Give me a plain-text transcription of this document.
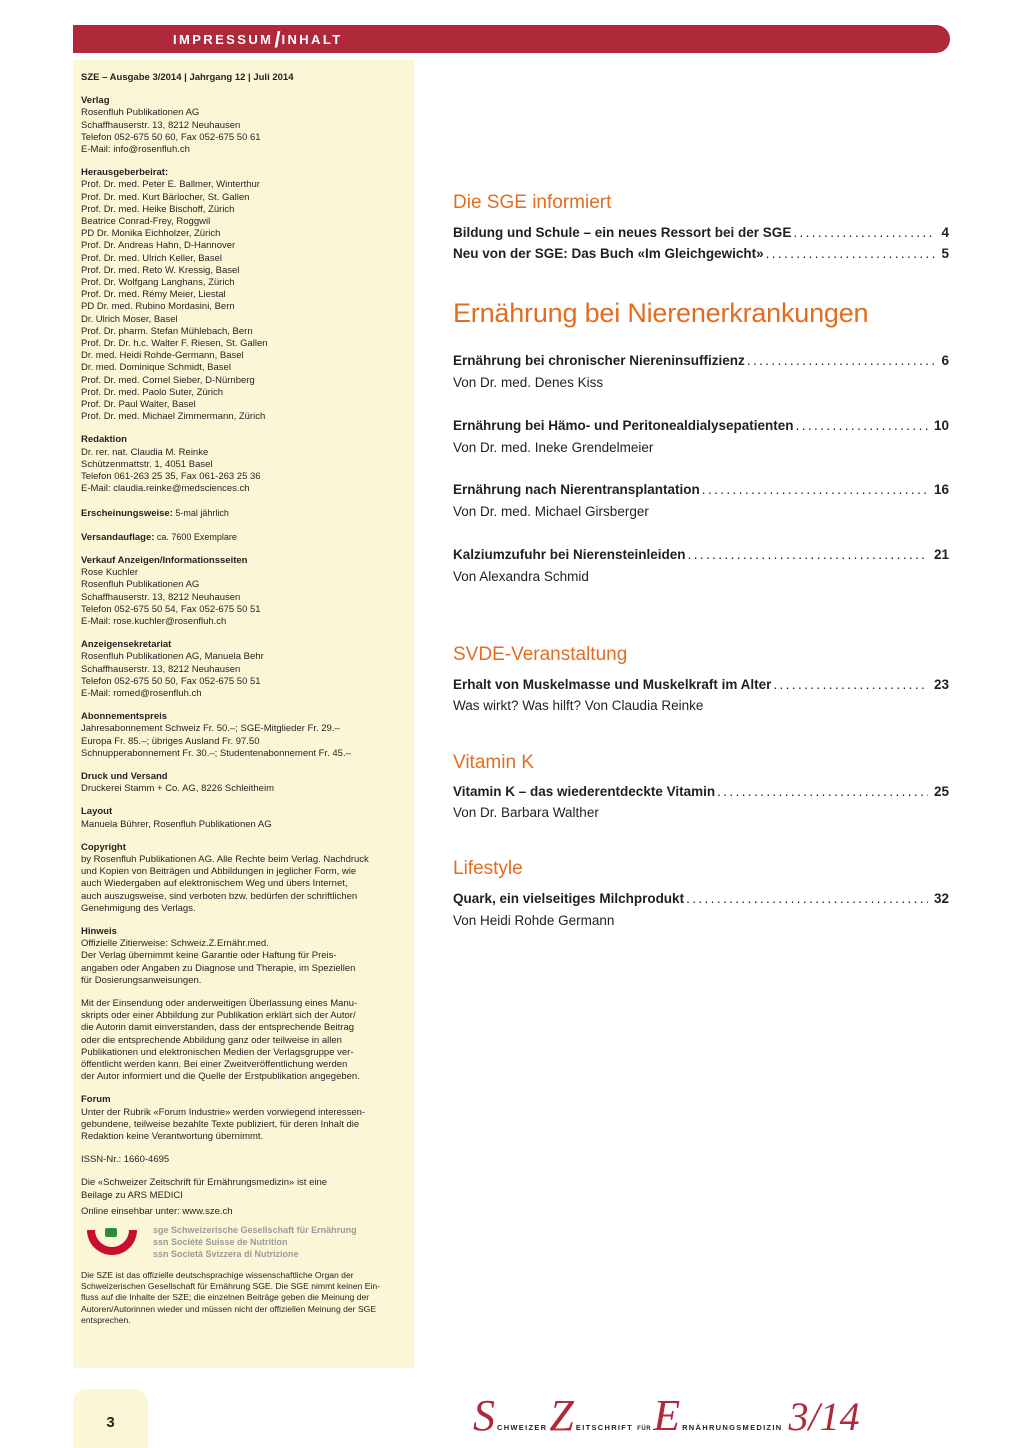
IMPRESSUM/INHALT
SZE – Ausgabe 3/2014 | Jahrgang 12 | Juli 2014
Verlag
Rosenfluh Publikationen AG
Schaffhauserstr. 13, 8212 Neuhausen
Telefon 052-675 50 60, Fax 052-675 50 61
E-Mail: info@rosenfluh.ch
Herausgeberbeirat:
Prof. Dr. med. Peter E. Ballmer, Winterthur
Prof. Dr. med. Kurt Bärlocher, St. Gallen
Prof. Dr. med. Heike Bischoff, Zürich
Beatrice Conrad-Frey, Roggwil
PD Dr. Monika Eichholzer, Zürich
Prof. Dr. Andreas Hahn, D-Hannover
Prof. Dr. med. Ulrich Keller, Basel
Prof. Dr. med. Reto W. Kressig, Basel
Prof. Dr. Wolfgang Langhans, Zürich
Prof. Dr. med. Rémy Meier, Liestal
PD Dr. med. Rubino Mordasini, Bern
Dr. Ulrich Moser, Basel
Prof. Dr. pharm. Stefan Mühlebach, Bern
Prof. Dr. Dr. h.c. Walter F. Riesen, St. Gallen
Dr. med. Heidi Rohde-Germann, Basel
Dr. med. Dominique Schmidt, Basel
Prof. Dr. med. Cornel Sieber, D-Nürnberg
Prof. Dr. med. Paolo Suter, Zürich
Prof. Dr. Paul Walter, Basel
Prof. Dr. med. Michael Zimmermann, Zürich
Redaktion
Dr. rer. nat. Claudia M. Reinke
Schützenmattstr. 1, 4051 Basel
Telefon 061-263 25 35, Fax 061-263 25 36
E-Mail: claudia.reinke@medsciences.ch
Erscheinungsweise: 5-mal jährlich
Versandauflage: ca. 7600 Exemplare
Verkauf Anzeigen/Informationsseiten
Rose Kuchler
Rosenfluh Publikationen AG
Schaffhauserstr. 13, 8212 Neuhausen
Telefon 052-675 50 54, Fax 052-675 50 51
E-Mail: rose.kuchler@rosenfluh.ch
Anzeigensekretariat
Rosenfluh Publikationen AG, Manuela Behr
Schaffhauserstr. 13, 8212 Neuhausen
Telefon 052-675 50 50, Fax 052-675 50 51
E-Mail: romed@rosenfluh.ch
Abonnementspreis
Jahresabonnement Schweiz Fr. 50.–; SGE-Mitglieder Fr. 29.–
Europa Fr. 85.–; übriges Ausland Fr. 97.50
Schnupperabonnement Fr. 30.–; Studentenabonnement Fr. 45.–
Druck und Versand
Druckerei Stamm + Co. AG, 8226 Schleitheim
Layout
Manuela Bührer, Rosenfluh Publikationen AG
Copyright
by Rosenfluh Publikationen AG. Alle Rechte beim Verlag. Nachdruck
und Kopien von Beiträgen und Abbildungen in jeglicher Form, wie
auch Wiedergaben auf elektronischem Weg und übers Internet,
auch auszugsweise, sind verboten bzw. bedürfen der schriftlichen
Genehmigung des Verlags.
Hinweis
Offizielle Zitierweise: Schweiz.Z.Ernähr.med.
Der Verlag übernimmt keine Garantie oder Haftung für Preis-
angaben oder Angaben zu Diagnose und Therapie, im Speziellen
für Dosierungsanweisungen.
Mit der Einsendung oder anderweitigen Überlassung eines Manu-
skripts oder einer Abbildung zur Publikation erklärt sich der Autor/
die Autorin damit einverstanden, dass der entsprechende Beitrag
oder die entsprechende Abbildung ganz oder teilweise in allen
Publikationen und elektronischen Medien der Verlagsgruppe ver-
öffentlicht werden kann. Bei einer Zweitveröffentlichung werden
der Autor informiert und die Quelle der Erstpublikation angegeben.
Forum
Unter der Rubrik «Forum Industrie» werden vorwiegend interessen-
gebundene, teilweise bezahlte Texte publiziert, für deren Inhalt die
Redaktion keine Verantwortung übernimmt.
ISSN-Nr.: 1660-4695
Die «Schweizer Zeitschrift für Ernährungsmedizin» ist eine
Beilage zu ARS MEDICI
Online einsehbar unter: www.sze.ch
sge Schweizerische Gesellschaft für Ernährung
ssn Société Suisse de Nutrition
ssn Società Svizzera di Nutrizione
Die SZE ist das offizielle deutschsprachige wissenschaftliche Organ der
Schweizerischen Gesellschaft für Ernährung SGE. Die SGE nimmt keinen Ein-
fluss auf die Inhalte der SZE; die einzelnen Beiträge geben die Meinung der
Autoren/Autorinnen wieder und müssen nicht der offiziellen Meinung der SGE
entsprechen.
Die SGE informiert
Bildung und Schule – ein neues Ressort bei der SGE .....	4
Neu von der SGE: Das Buch «Im Gleichgewicht» .....	5
Ernährung bei Nierenerkrankungen
Ernährung bei chronischer Niereninsuffizienz .....	6
Von Dr. med. Denes Kiss
Ernährung bei Hämo- und Peritonealdialysepatienten .....	10
Von Dr. med. Ineke Grendelmeier
Ernährung nach Nierentransplantation .....	16
Von Dr. med. Michael Girsberger
Kalziumzufuhr bei Nierensteinleiden .....	21
Von Alexandra Schmid
SVDE-Veranstaltung
Erhalt von Muskelmasse und Muskelkraft im Alter .....	23
Was wirkt? Was hilft? Von Claudia Reinke
Vitamin K
Vitamin K – das wiederentdeckte Vitamin .....	25
Von Dr. Barbara Walther
Lifestyle
Quark, ein vielseitiges Milchprodukt .....	32
Von Heidi Rohde Germann
3	S CHWEIZER Z EITSCHRIFT FÜR E RNÄHRUNGSMEDIZIN 3/14
